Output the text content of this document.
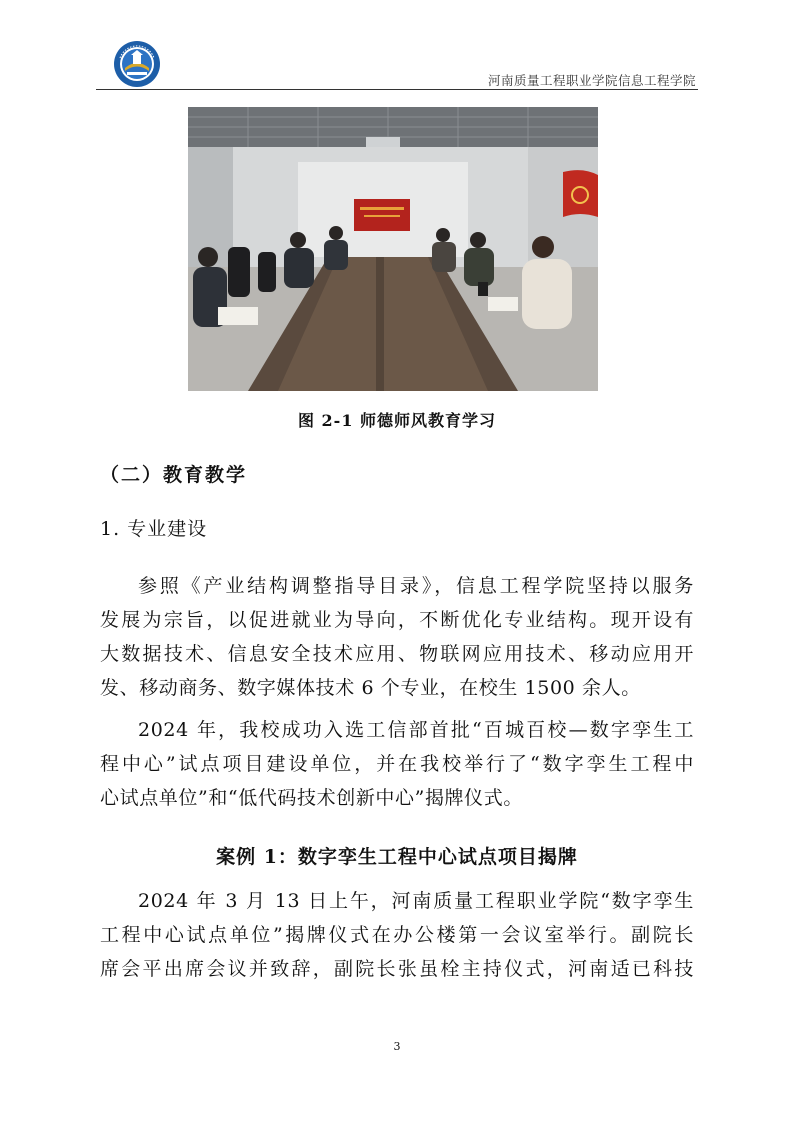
河南质量工程职业学院信息工程学院
图 2-1 师德师风教育学习
（二）教育教学
1. 专业建设
参照《产业结构调整指导目录》，信息工程学院坚持以服务
发展为宗旨，以促进就业为导向，不断优化专业结构。现开设有
大数据技术、信息安全技术应用、物联网应用技术、移动应用开
发、移动商务、数字媒体技术 6 个专业，在校生 1500 余人。
2024 年，我校成功入选工信部首批“百城百校—数字孪生工
程中心”试点项目建设单位，并在我校举行了“数字孪生工程中
心试点单位”和“低代码技术创新中心”揭牌仪式。
案例 1：数字孪生工程中心试点项目揭牌
2024 年 3 月 13 日上午，河南质量工程职业学院“数字孪生
工程中心试点单位”揭牌仪式在办公楼第一会议室举行。副院长
席会平出席会议并致辞，副院长张虽栓主持仪式，河南适已科技
3
